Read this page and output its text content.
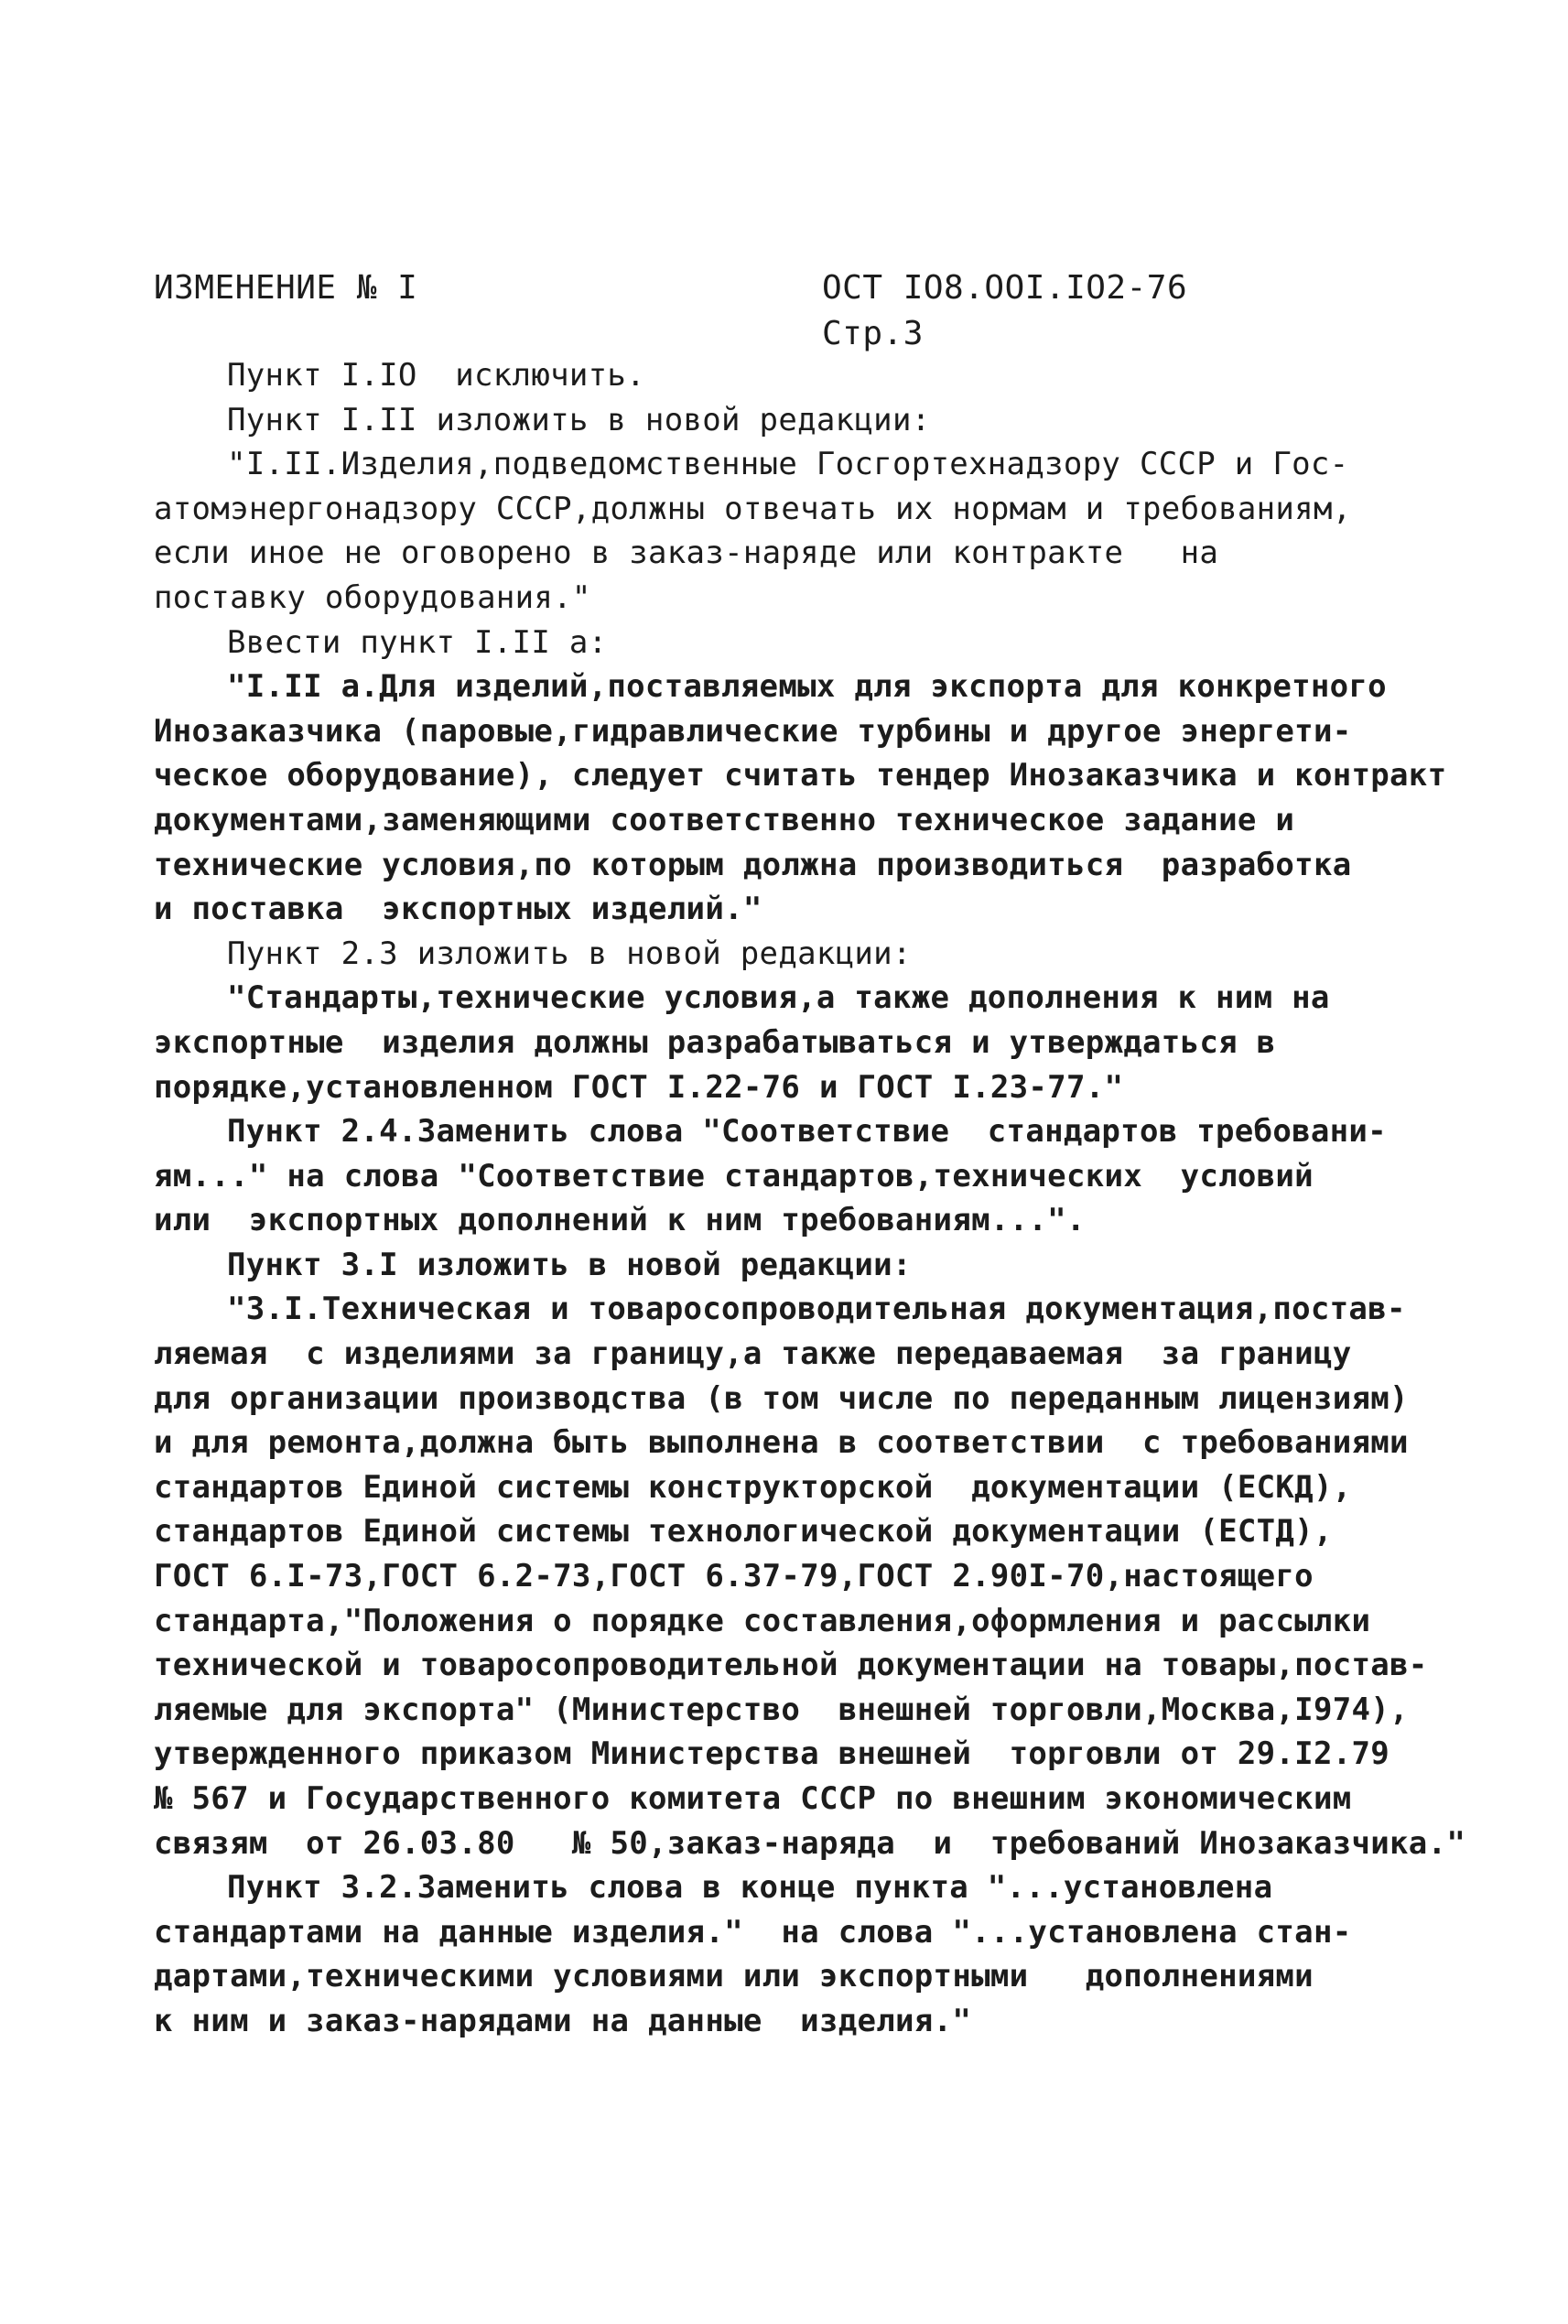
ИЗМЕНЕНИЕ № I	ОСТ IO8.OOI.IO2-76 Стр.3
Пункт I.IO  исключить.
Пункт I.II изложить в новой редакции:
"I.II.Изделия,подведомственные Госгортехнадзору СССР и Гос-
атомэнергонадзору СССР,должны отвечать их нормам и требованиям,
если иное не оговорено в заказ-наряде или контракте   на
поставку оборудования."
Ввести пункт I.II а:
"I.II а.Для изделий,поставляемых для экспорта для конкретного
Инозаказчика (паровые,гидравлические турбины и другое энергети-
ческое оборудование), следует считать тендер Инозаказчика и контракт
документами,заменяющими соответственно техническое задание и
технические условия,по которым должна производиться  разработка
и поставка  экспортных изделий."
Пункт 2.3 изложить в новой редакции:
"Стандарты,технические условия,а также дополнения к ним на
экспортные  изделия должны разрабатываться и утверждаться в
порядке,установленном ГОСТ I.22-76 и ГОСТ I.23-77."
Пункт 2.4.Заменить слова "Соответствие  стандартов требовани-
ям..." на слова "Соответствие стандартов,технических  условий
или  экспортных дополнений к ним требованиям...".
Пункт 3.I изложить в новой редакции:
"3.I.Техническая и товаросопроводительная документация,постав-
ляемая  с изделиями за границу,а также передаваемая  за границу
для организации производства (в том числе по переданным лицензиям)
и для ремонта,должна быть выполнена в соответствии  с требованиями
стандартов Единой системы конструкторской  документации (ЕСКД),
стандартов Единой системы технологической документации (ЕСТД),
ГОСТ 6.I-73,ГОСТ 6.2-73,ГОСТ 6.37-79,ГОСТ 2.90I-70,настоящего
стандарта,"Положения о порядке составления,оформления и рассылки
технической и товаросопроводительной документации на товары,постав-
ляемые для экспорта" (Министерство  внешней торговли,Москва,I974),
утвержденного приказом Министерства внешней  торговли от 29.I2.79
№ 567 и Государственного комитета СССР по внешним экономическим
связям  от 26.03.80   № 50,заказ-наряда  и  требований Инозаказчика."
Пункт 3.2.Заменить слова в конце пункта "...установлена
стандартами на данные изделия."  на слова "...установлена стан-
дартами,техническими условиями или экспортными   дополнениями
к ним и заказ-нарядами на данные  изделия."
